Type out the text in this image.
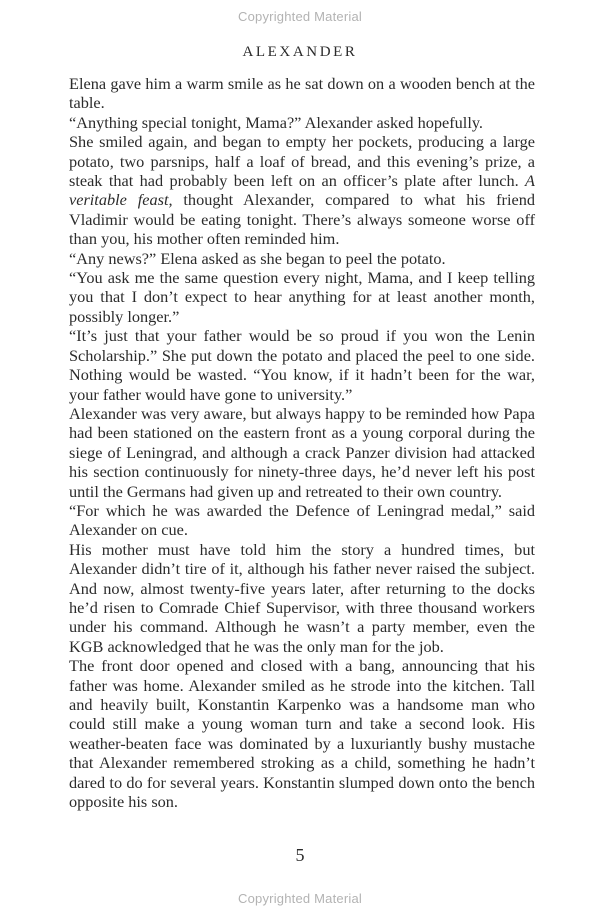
Copyrighted Material
ALEXANDER

Elena gave him a warm smile as he sat down on a wooden bench at the table.

“Anything special tonight, Mama?” Alexander asked hopefully.

She smiled again, and began to empty her pockets, producing a large potato, two parsnips, half a loaf of bread, and this evening’s prize, a steak that had probably been left on an officer’s plate after lunch. A veritable feast, thought Alexander, compared to what his friend Vladimir would be eating tonight. There’s always someone worse off than you, his mother often reminded him.

“Any news?” Elena asked as she began to peel the potato.

“You ask me the same question every night, Mama, and I keep telling you that I don’t expect to hear anything for at least another month, possibly longer.”

“It’s just that your father would be so proud if you won the Lenin Scholarship.” She put down the potato and placed the peel to one side. Nothing would be wasted. “You know, if it hadn’t been for the war, your father would have gone to university.”

Alexander was very aware, but always happy to be reminded how Papa had been stationed on the eastern front as a young corporal during the siege of Leningrad, and although a crack Panzer division had attacked his section continuously for ninety-three days, he’d never left his post until the Germans had given up and retreated to their own country.

“For which he was awarded the Defence of Leningrad medal,” said Alexander on cue.

His mother must have told him the story a hundred times, but Alexander didn’t tire of it, although his father never raised the subject. And now, almost twenty-five years later, after returning to the docks he’d risen to Comrade Chief Supervisor, with three thousand workers under his command. Although he wasn’t a party member, even the KGB acknowledged that he was the only man for the job.

The front door opened and closed with a bang, announcing that his father was home. Alexander smiled as he strode into the kitchen. Tall and heavily built, Konstantin Karpenko was a handsome man who could still make a young woman turn and take a second look. His weather-beaten face was dominated by a luxuriantly bushy mustache that Alexander remembered stroking as a child, something he hadn’t dared to do for several years. Konstantin slumped down onto the bench opposite his son.

5
Copyrighted Material
